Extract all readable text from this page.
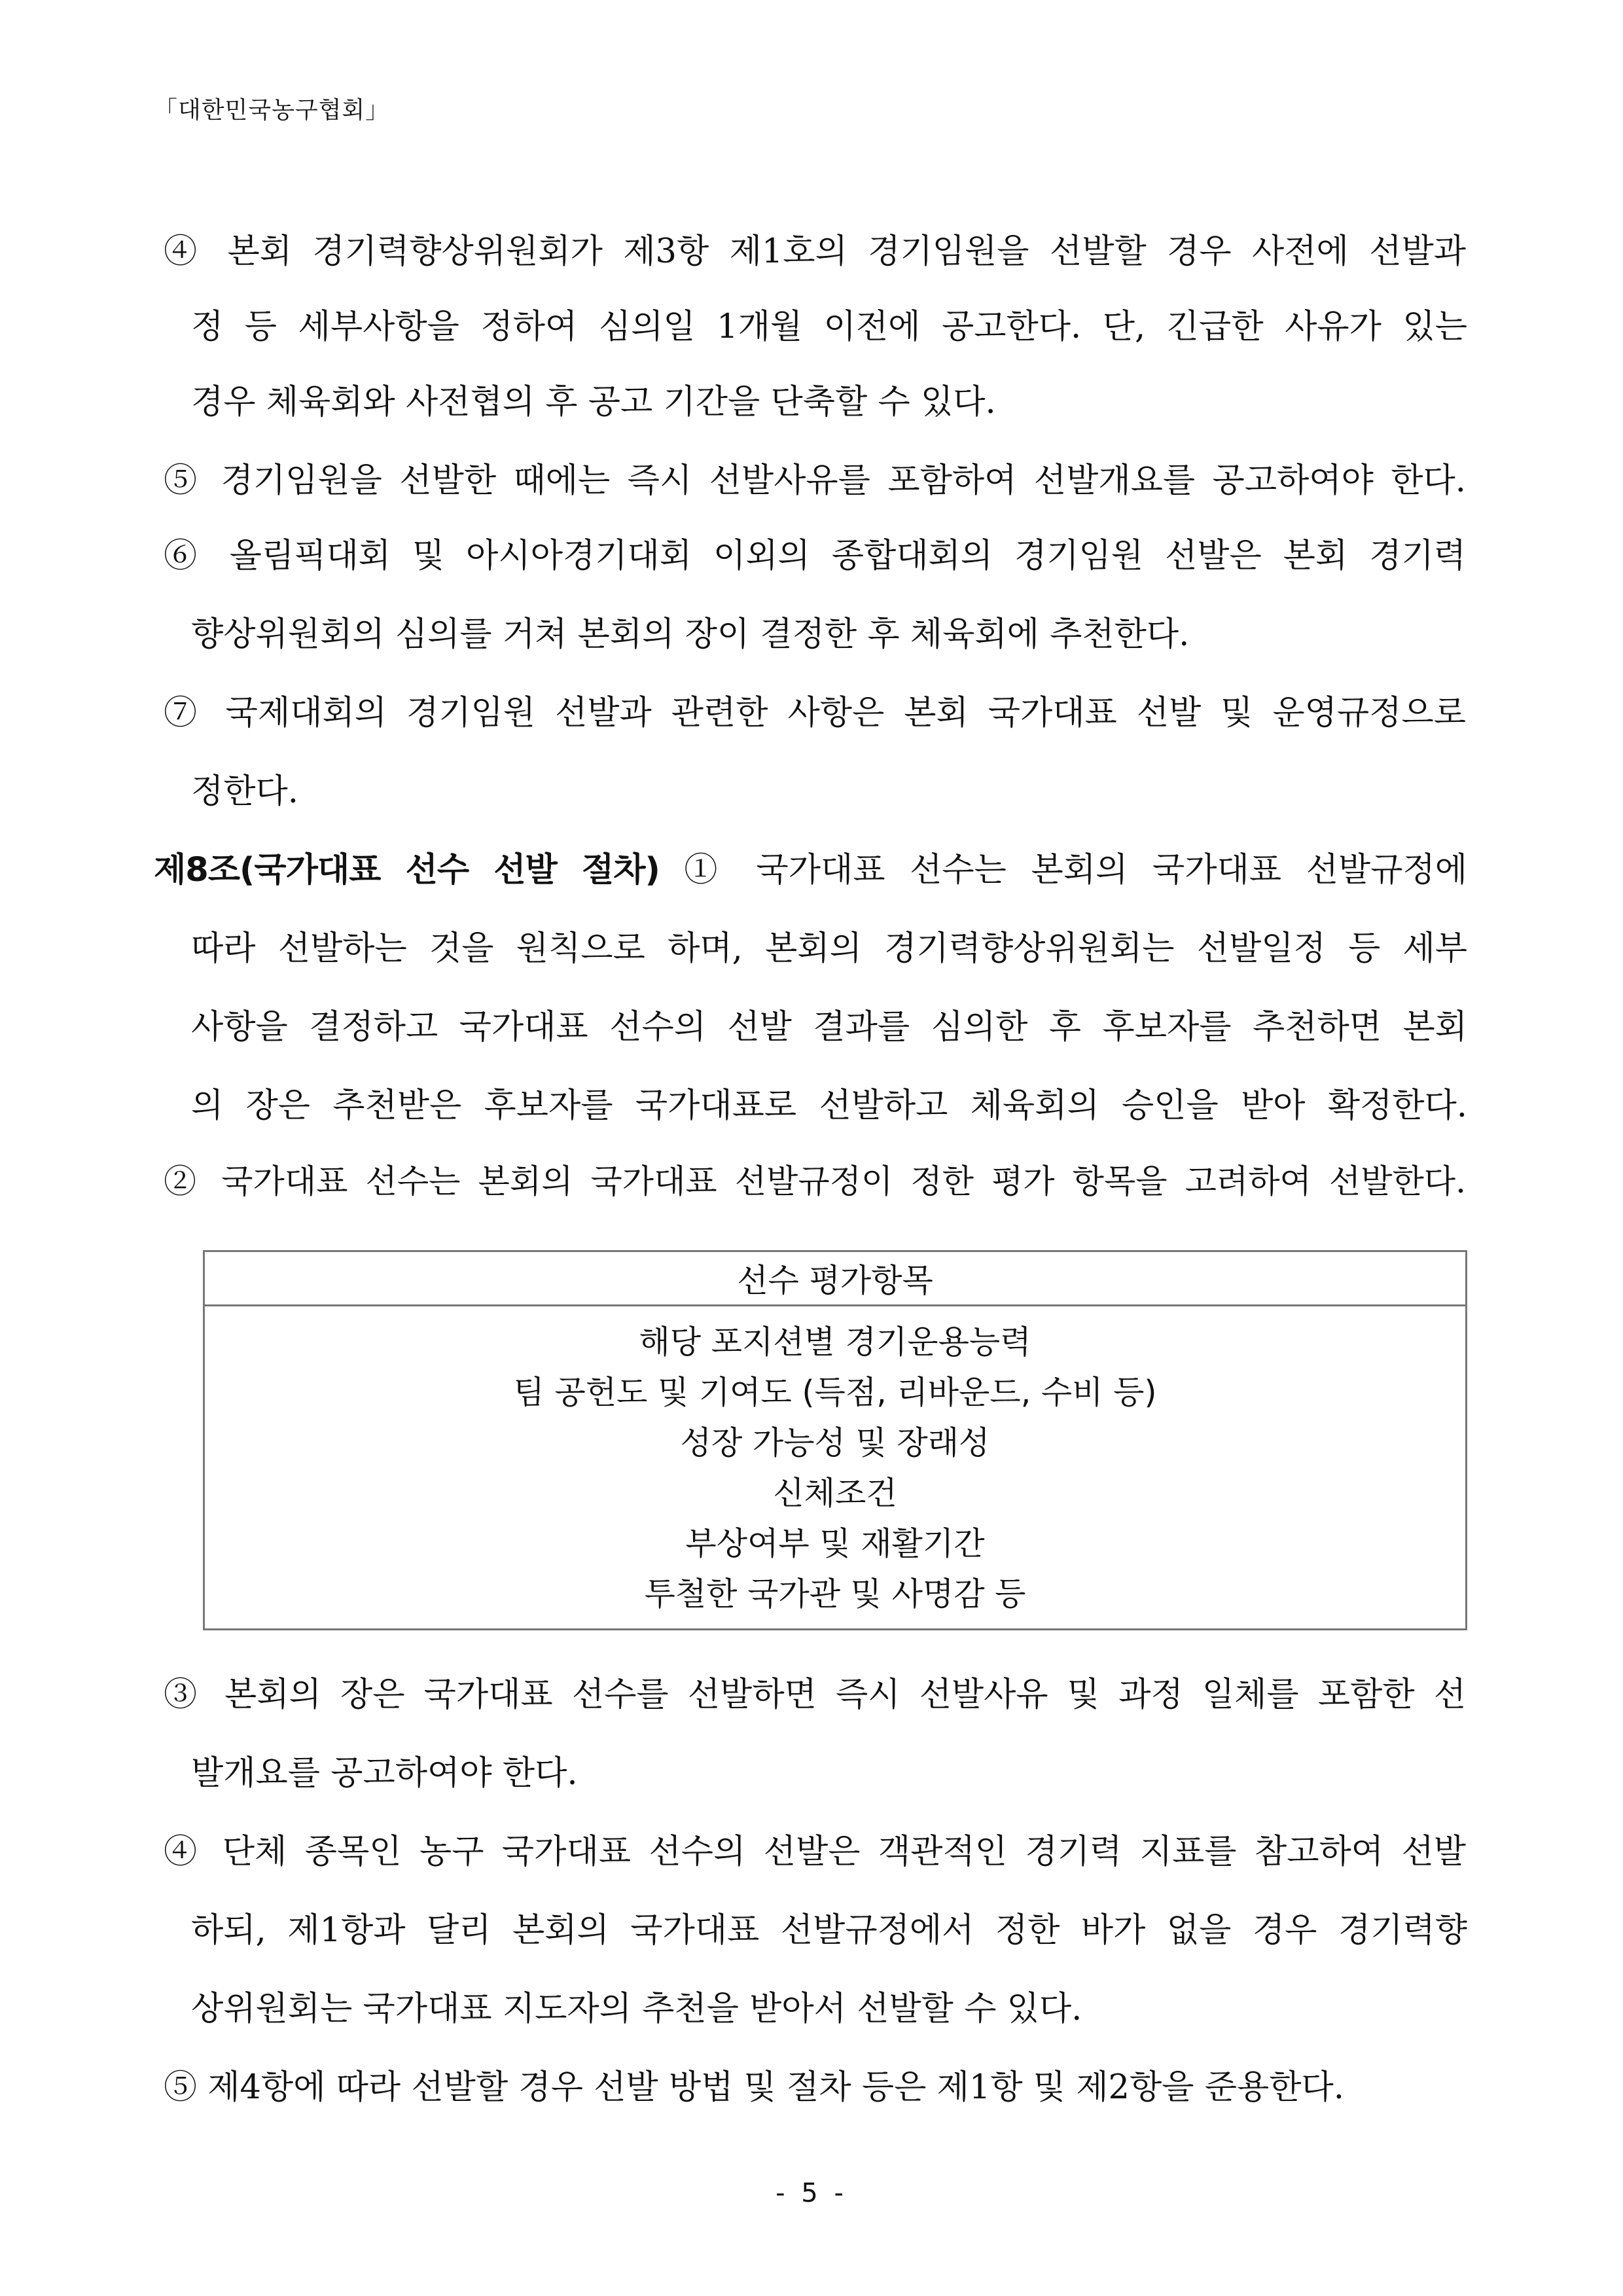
「대한민국농구협회」
④ 본회 경기력향상위원회가 제3항 제1호의 경기임원을 선발할 경우 사전에 선발과
정 등 세부사항을 정하여 심의일 1개월 이전에 공고한다. 단, 긴급한 사유가 있는
경우 체육회와 사전협의 후 공고 기간을 단축할 수 있다.
⑤ 경기임원을 선발한 때에는 즉시 선발사유를 포함하여 선발개요를 공고하여야 한다.
⑥ 올림픽대회 및 아시아경기대회 이외의 종합대회의 경기임원 선발은 본회 경기력
향상위원회의 심의를 거쳐 본회의 장이 결정한 후 체육회에 추천한다.
⑦ 국제대회의 경기임원 선발과 관련한 사항은 본회 국가대표 선발 및 운영규정으로
정한다.
제8조(국가대표 선수 선발 절차) ① 국가대표 선수는 본회의 국가대표 선발규정에
따라 선발하는 것을 원칙으로 하며, 본회의 경기력향상위원회는 선발일정 등 세부
사항을 결정하고 국가대표 선수의 선발 결과를 심의한 후 후보자를 추천하면 본회
의 장은 추천받은 후보자를 국가대표로 선발하고 체육회의 승인을 받아 확정한다.
② 국가대표 선수는 본회의 국가대표 선발규정이 정한 평가 항목을 고려하여 선발한다.
선수 평가항목

해당 포지션별 경기운용능력
팀 공헌도 및 기여도 (득점, 리바운드, 수비 등)
성장 가능성 및 장래성
신체조건
부상여부 및 재활기간
투철한 국가관 및 사명감 등
③ 본회의 장은 국가대표 선수를 선발하면 즉시 선발사유 및 과정 일체를 포함한 선
발개요를 공고하여야 한다.
④ 단체 종목인 농구 국가대표 선수의 선발은 객관적인 경기력 지표를 참고하여 선발
하되, 제1항과 달리 본회의 국가대표 선발규정에서 정한 바가 없을 경우 경기력향
상위원회는 국가대표 지도자의 추천을 받아서 선발할 수 있다.
⑤ 제4항에 따라 선발할 경우 선발 방법 및 절차 등은 제1항 및 제2항을 준용한다.
- 5 -
